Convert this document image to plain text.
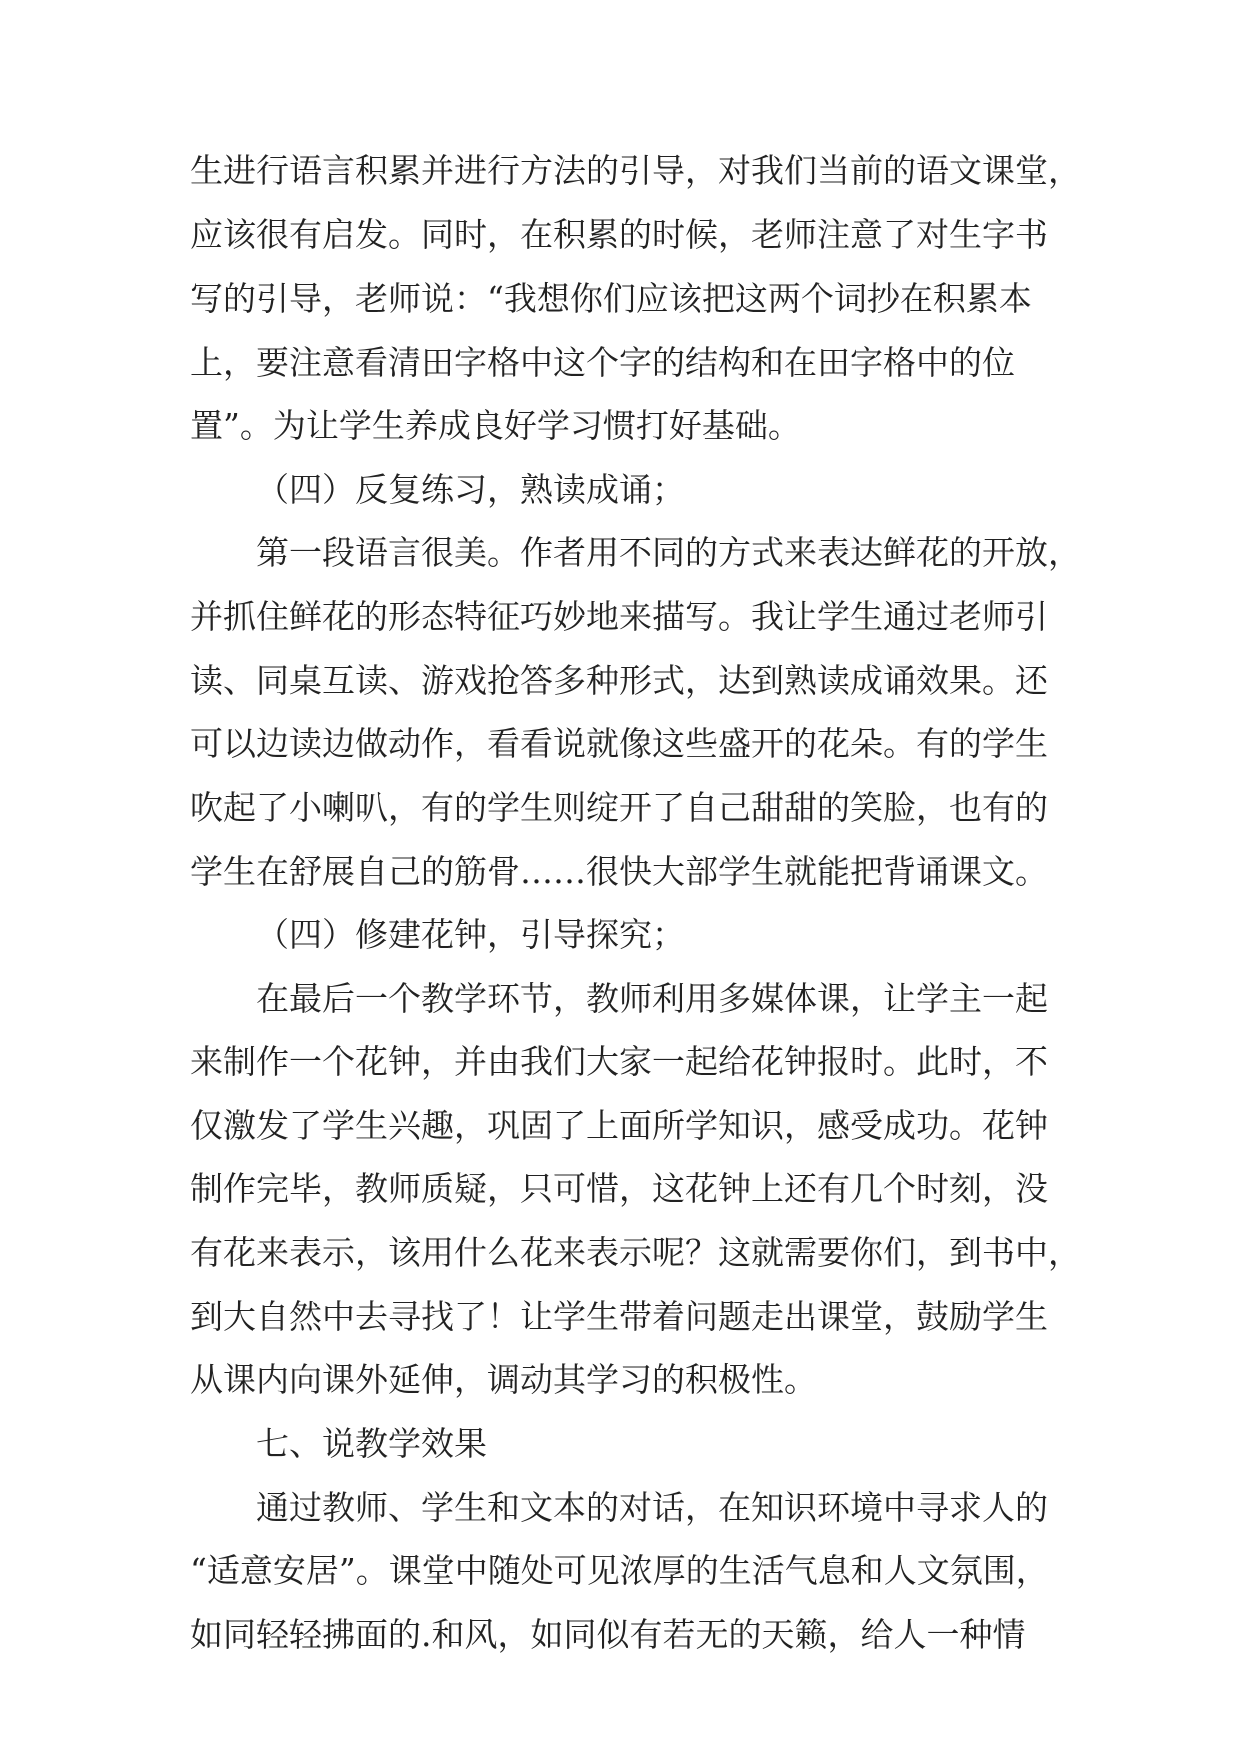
生进行语言积累并进行方法的引导，对我们当前的语文课堂，
应该很有启发。同时，在积累的时候，老师注意了对生字书
写的引导，老师说：“我想你们应该把这两个词抄在积累本
上，要注意看清田字格中这个字的结构和在田字格中的位
置”。为让学生养成良好学习惯打好基础。
（四）反复练习，熟读成诵；
第一段语言很美。作者用不同的方式来表达鲜花的开放，
并抓住鲜花的形态特征巧妙地来描写。我让学生通过老师引
读、同桌互读、游戏抢答多种形式，达到熟读成诵效果。还
可以边读边做动作，看看说就像这些盛开的花朵。有的学生
吹起了小喇叭，有的学生则绽开了自己甜甜的笑脸，也有的
学生在舒展自己的筋骨……很快大部学生就能把背诵课文。
（四）修建花钟，引导探究；
在最后一个教学环节，教师利用多媒体课，让学主一起
来制作一个花钟，并由我们大家一起给花钟报时。此时，不
仅激发了学生兴趣，巩固了上面所学知识，感受成功。花钟
制作完毕，教师质疑，只可惜，这花钟上还有几个时刻，没
有花来表示，该用什么花来表示呢？这就需要你们，到书中，
到大自然中去寻找了！让学生带着问题走出课堂，鼓励学生
从课内向课外延伸，调动其学习的积极性。
七、说教学效果
通过教师、学生和文本的对话，在知识环境中寻求人的
“适意安居”。课堂中随处可见浓厚的生活气息和人文氛围，
如同轻轻拂面的.和风，如同似有若无的天籁，给人一种情
